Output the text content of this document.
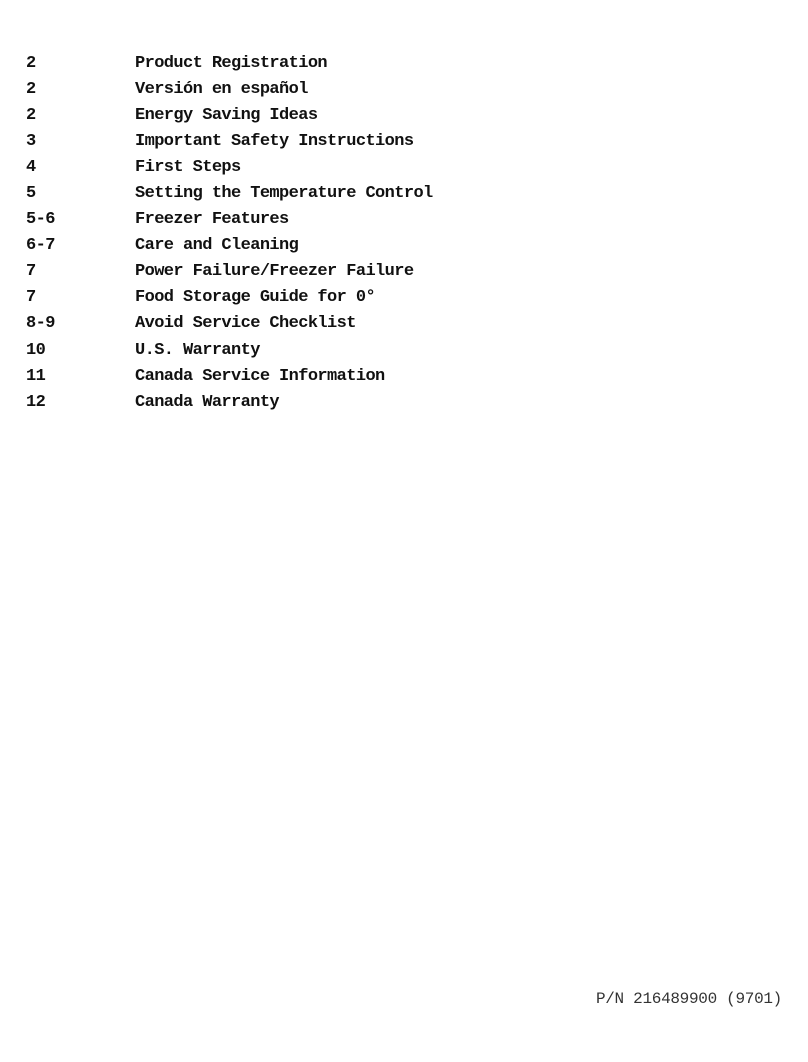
2	Product Registration
2	Versión en español
2	Energy Saving Ideas
3	Important Safety Instructions
4	First Steps
5	Setting the Temperature Control
5-6	Freezer Features
6-7	Care and Cleaning
7	Power Failure/Freezer Failure
7	Food Storage Guide for 0°
8-9	Avoid Service Checklist
10	U.S. Warranty
11	Canada Service Information
12	Canada Warranty
P/N 216489900 (9701)
